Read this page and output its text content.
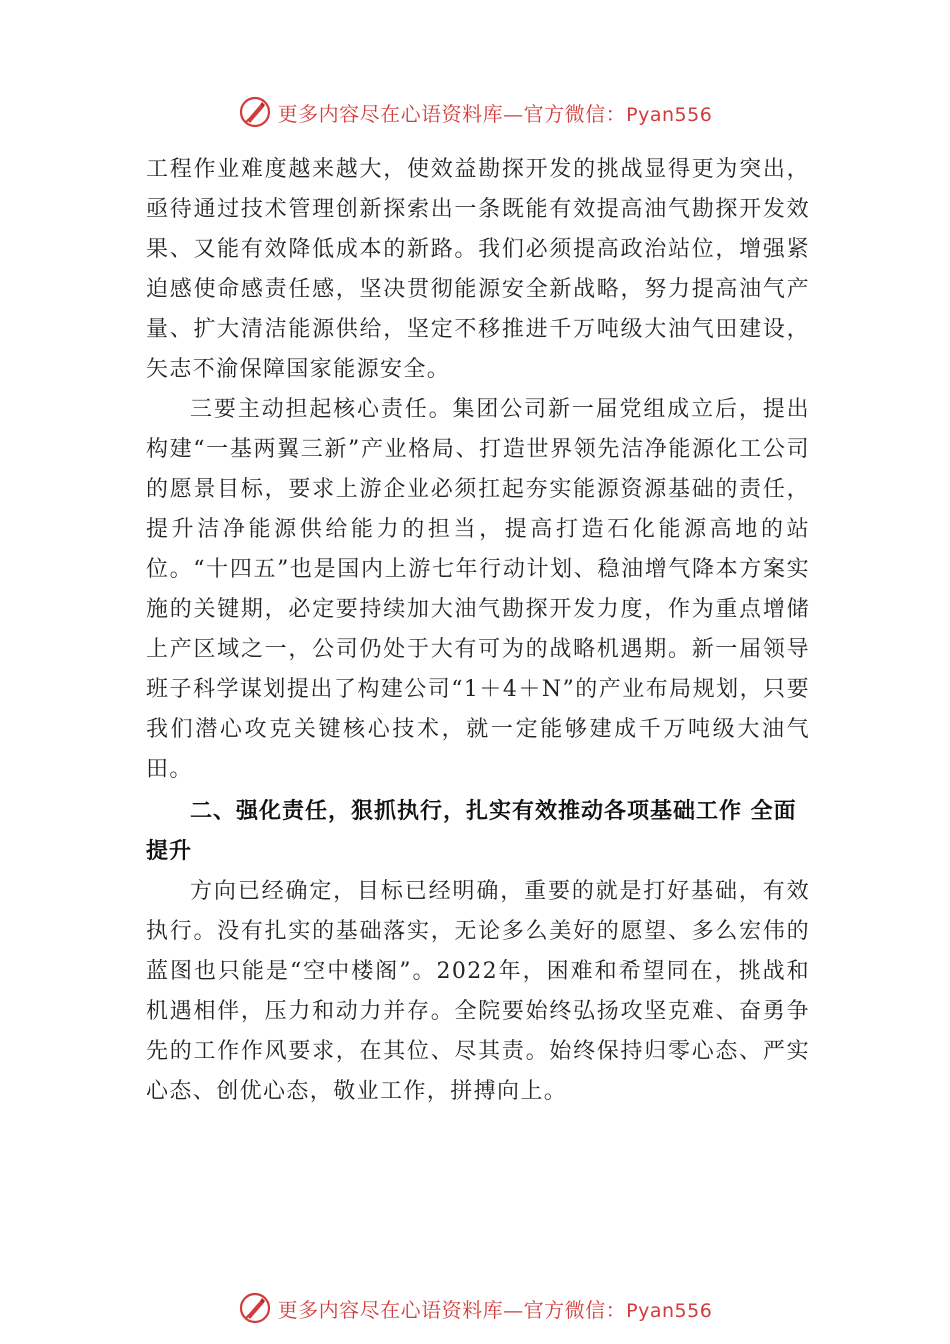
更多内容尽在心语资料库—官方微信：Pyan556

工程作业难度越来越大，使效益勘探开发的挑战显得更为突出，亟待通过技术管理创新探索出一条既能有效提高油气勘探开发效果、又能有效降低成本的新路。我们必须提高政治站位，增强紧迫感使命感责任感，坚决贯彻能源安全新战略，努力提高油气产量、扩大清洁能源供给，坚定不移推进千万吨级大油气田建设，矢志不渝保障国家能源安全。

三要主动担起核心责任。集团公司新一届党组成立后，提出构建“一基两翼三新”产业格局、打造世界领先洁净能源化工公司的愿景目标，要求上游企业必须扛起夯实能源资源基础的责任，提升洁净能源供给能力的担当，提高打造石化能源高地的站位。“十四五”也是国内上游七年行动计划、稳油增气降本方案实施的关键期，必定要持续加大油气勘探开发力度，作为重点增储上产区域之一，公司仍处于大有可为的战略机遇期。新一届领导班子科学谋划提出了构建公司“1＋4＋N”的产业布局规划，只要我们潜心攻克关键核心技术，就一定能够建成千万吨级大油气田。

二、强化责任，狠抓执行，扎实有效推动各项基础工作 全面提升

方向已经确定，目标已经明确，重要的就是打好基础，有效执行。没有扎实的基础落实，无论多么美好的愿望、多么宏伟的蓝图也只能是“空中楼阁”。2022年，困难和希望同在，挑战和机遇相伴，压力和动力并存。全院要始终弘扬攻坚克难、奋勇争先的工作作风要求，在其位、尽其责。始终保持归零心态、严实心态、创优心态，敬业工作，拼搏向上。

更多内容尽在心语资料库—官方微信：Pyan556
